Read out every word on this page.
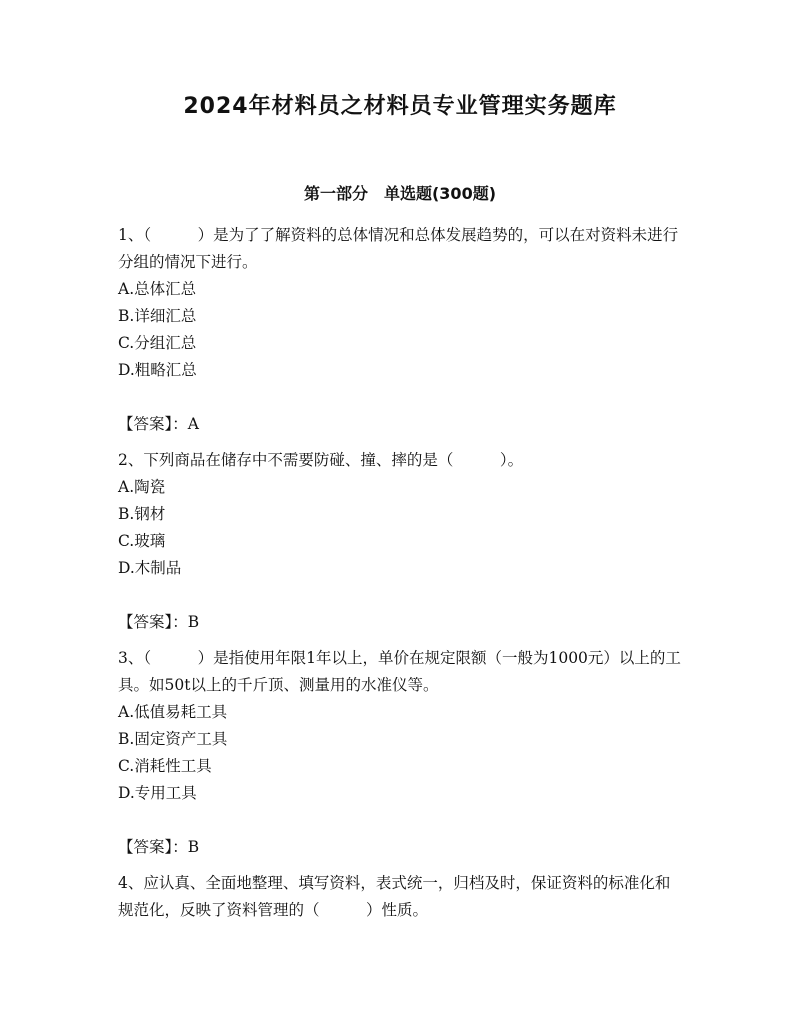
2024年材料员之材料员专业管理实务题库
第一部分　单选题(300题)

1、（　　　）是为了了解资料的总体情况和总体发展趋势的，可以在对资料未进行分组的情况下进行。

A.总体汇总

B.详细汇总

C.分组汇总

D.粗略汇总

【答案】：A

2、下列商品在储存中不需要防碰、撞、摔的是（　　　）。

A.陶瓷

B.钢材

C.玻璃

D.木制品

【答案】：B

3、（　　　）是指使用年限1年以上，单价在规定限额（一般为1000元）以上的工具。如50t以上的千斤顶、测量用的水准仪等。

A.低值易耗工具

B.固定资产工具

C.消耗性工具

D.专用工具

【答案】：B

4、应认真、全面地整理、填写资料，表式统一，归档及时，保证资料的标准化和规范化，反映了资料管理的（　　　）性质。
